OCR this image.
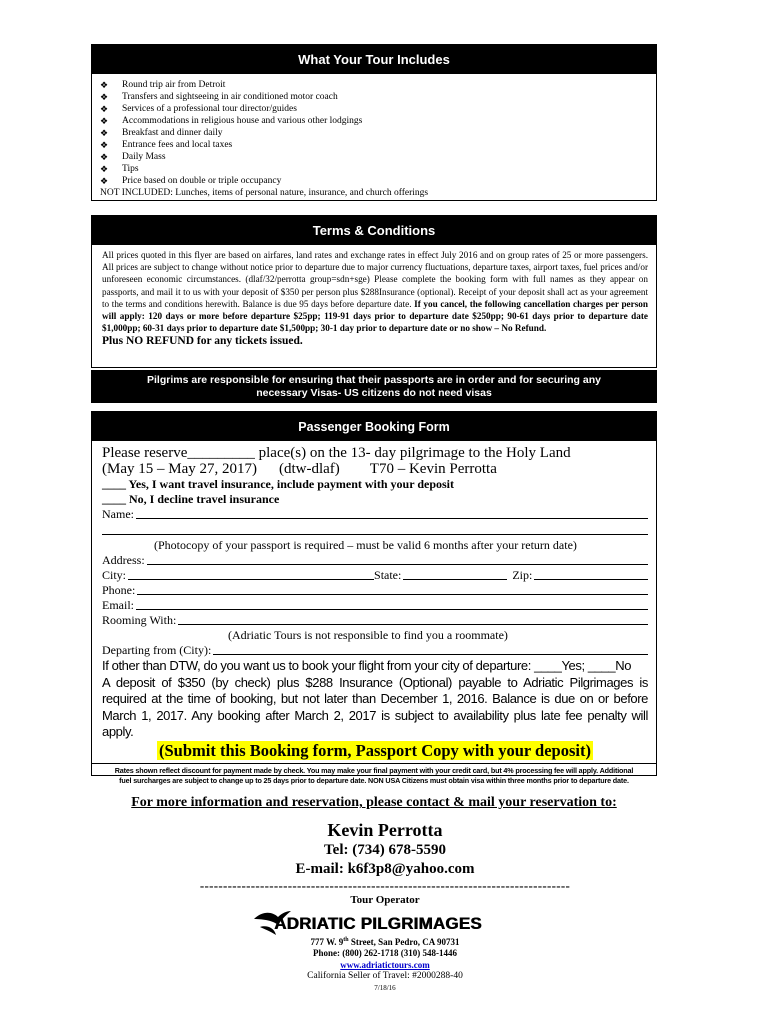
What Your Tour Includes
❖	Round trip air from Detroit
❖	Transfers and sightseeing in air conditioned motor coach
❖	Services of a professional tour director/guides
❖	Accommodations in religious house and various other lodgings
❖	Breakfast and dinner daily
❖	Entrance fees and local taxes
❖	Daily Mass
❖	Tips
❖	Price based on double or triple occupancy
NOT INCLUDED: Lunches, items of personal nature, insurance, and church offerings
Terms & Conditions
All prices quoted in this flyer are based on airfares, land rates and exchange rates in effect July 2016 and on group rates of 25 or more passengers. All prices are subject to change without notice prior to departure due to major currency fluctuations, departure taxes, airport taxes, fuel prices and/or unforeseen economic circumstances. (dlaf/32/perrotta group=sdn+sge) Please complete the booking form with full names as they appear on passports, and mail it to us with your deposit of $350 per person plus $288Insurance (optional). Receipt of your deposit shall act as your agreement to the terms and conditions herewith. Balance is due 95 days before departure date. If you cancel, the following cancellation charges per person will apply: 120 days or more before departure $25pp; 119-91 days prior to departure date $250pp; 90-61 days prior to departure date $1,000pp; 60-31 days prior to departure date $1,500pp; 30-1 day prior to departure date or no show – No Refund.
Plus NO REFUND for any tickets issued.
Pilgrims are responsible for ensuring that their passports are in order and for securing any
necessary Visas- US citizens do not need visas
Passenger Booking Form
Please reserve_________ place(s) on the 13- day pilgrimage to the Holy Land
(May 15 – May 27, 2017) (dtw-dlaf) T70 – Kevin Perrotta
____ Yes, I want travel insurance, include payment with your deposit
____ No, I decline travel insurance
Name:
(Photocopy of your passport is required – must be valid 6 months after your return date)
Address:
City:	State:	Zip:
Phone:
Email:
Rooming With:
(Adriatic Tours is not responsible to find you a roommate)
Departing from (City):
If other than DTW, do you want us to book your flight from your city of departure: ____Yes; ____No
A deposit of $350 (by check) plus $288 Insurance (Optional) payable to Adriatic Pilgrimages is required at the time of booking, but not later than December 1, 2016. Balance is due on or before March 1, 2017. Any booking after March 2, 2017 is subject to availability plus late fee penalty will apply.
(Submit this Booking form, Passport Copy with your deposit)
Rates shown reflect discount for payment made by check. You may make your final payment with your credit card, but 4% processing fee will apply. Additional
fuel surcharges are subject to change up to 25 days prior to departure date. NON USA Citizens must obtain visa within three months prior to departure date.
For more information and reservation, please contact & mail your reservation to:
Kevin Perrotta
Tel: (734) 678-5590
E-mail: k6f3p8@yahoo.com
--------------------------------------------------------------------------------
Tour Operator
ADRIATIC PILGRIMAGES
777 W. 9th Street, San Pedro, CA 90731
Phone: (800) 262-1718 (310) 548-1446
www.adriatictours.com
California Seller of Travel: #2000288-40
7/18/16
